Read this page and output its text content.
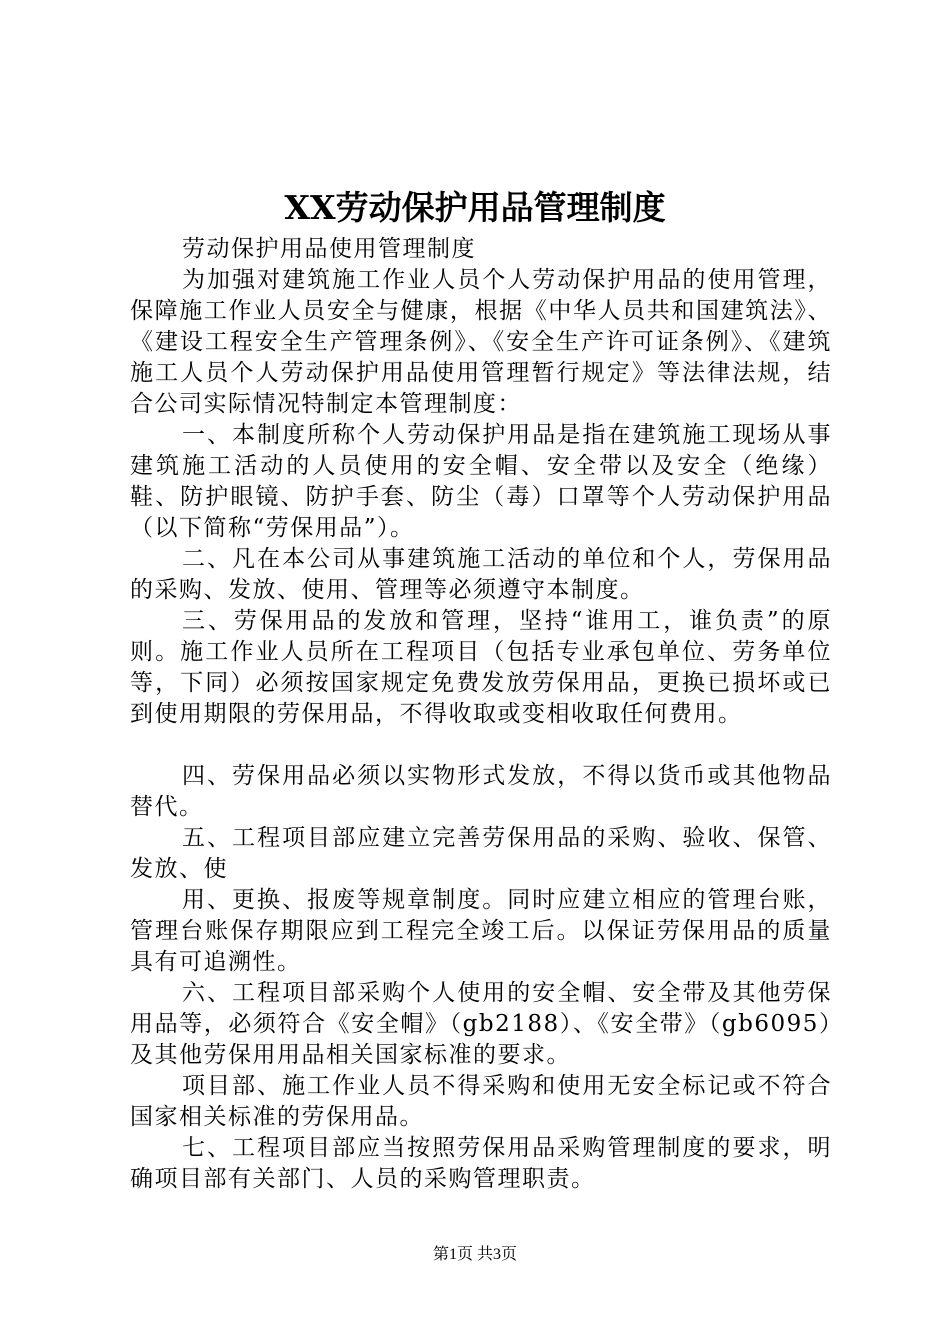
XX劳动保护用品管理制度

劳动保护用品使用管理制度

为加强对建筑施工作业人员个人劳动保护用品的使用管理，保障施工作业人员安全与健康，根据《中华人员共和国建筑法》、《建设工程安全生产管理条例》、《安全生产许可证条例》、《建筑施工人员个人劳动保护用品使用管理暂行规定》等法律法规，结合公司实际情况特制定本管理制度：

一、本制度所称个人劳动保护用品是指在建筑施工现场从事建筑施工活动的人员使用的安全帽、安全带以及安全（绝缘）鞋、防护眼镜、防护手套、防尘（毒）口罩等个人劳动保护用品（以下简称“劳保用品”）。

二、凡在本公司从事建筑施工活动的单位和个人，劳保用品的采购、发放、使用、管理等必须遵守本制度。

三、劳保用品的发放和管理，坚持“谁用工，谁负责”的原则。施工作业人员所在工程项目（包括专业承包单位、劳务单位等，下同）必须按国家规定免费发放劳保用品，更换已损坏或已到使用期限的劳保用品，不得收取或变相收取任何费用。

四、劳保用品必须以实物形式发放，不得以货币或其他物品替代。

五、工程项目部应建立完善劳保用品的采购、验收、保管、发放、使

用、更换、报废等规章制度。同时应建立相应的管理台账，管理台账保存期限应到工程完全竣工后。以保证劳保用品的质量具有可追溯性。

六、工程项目部采购个人使用的安全帽、安全带及其他劳保用品等，必须符合《安全帽》（gb2188）、《安全带》（gb6095）及其他劳保用用品相关国家标准的要求。

项目部、施工作业人员不得采购和使用无安全标记或不符合国家相关标准的劳保用品。

七、工程项目部应当按照劳保用品采购管理制度的要求，明确项目部有关部门、人员的采购管理职责。

第1页 共3页
